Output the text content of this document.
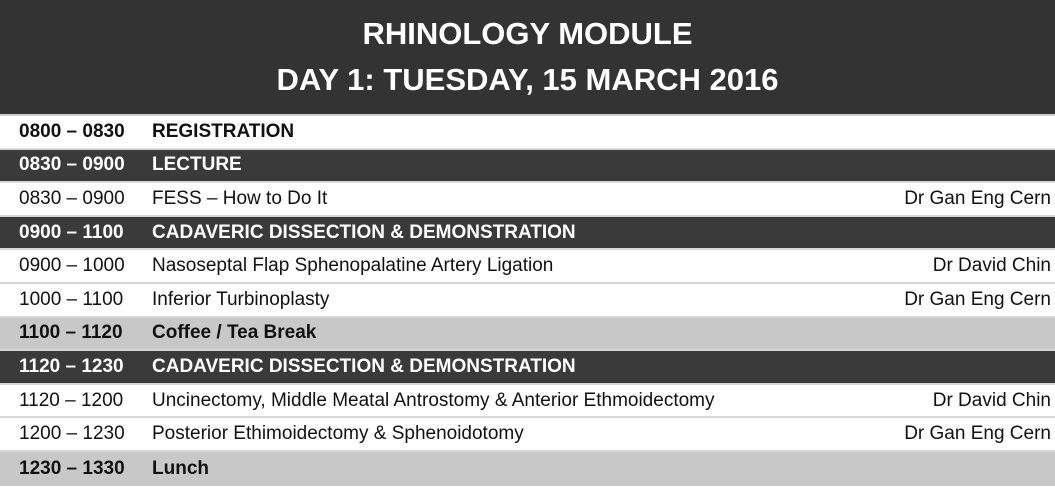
RHINOLOGY MODULE
DAY 1: TUESDAY, 15 MARCH 2016
0800 – 0830	REGISTRATION
0830 – 0900	LECTURE
0830 – 0900	FESS – How to Do It	Dr Gan Eng Cern
0900 – 1100	CADAVERIC DISSECTION & DEMONSTRATION
0900 – 1000	Nasoseptal Flap Sphenopalatine Artery Ligation	Dr David Chin
1000 – 1100	Inferior Turbinoplasty	Dr Gan Eng Cern
1100 – 1120	Coffee / Tea Break
1120 – 1230	CADAVERIC DISSECTION & DEMONSTRATION
1120 – 1200	Uncinectomy, Middle Meatal Antrostomy & Anterior Ethmoidectomy	Dr David Chin
1200 – 1230	Posterior Ethimoidectomy & Sphenoidotomy	Dr Gan Eng Cern
1230 – 1330	Lunch
